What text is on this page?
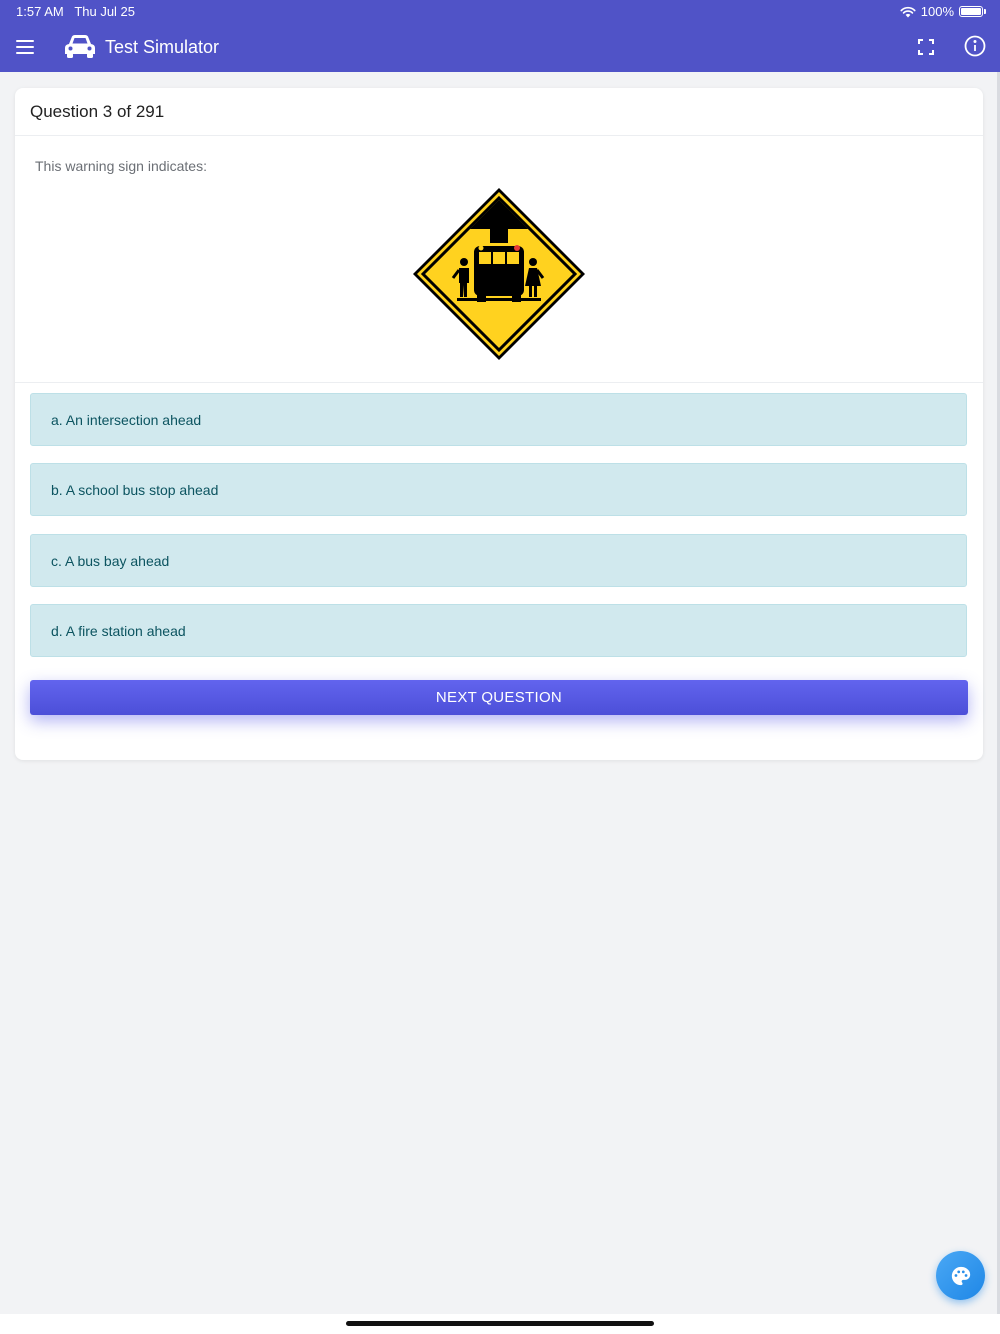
1:57 AM Thu Jul 25	100%
Test Simulator
Question 3 of 291
This warning sign indicates:
a. An intersection ahead
b. A school bus stop ahead
c. A bus bay ahead
d. A fire station ahead
NEXT QUESTION
